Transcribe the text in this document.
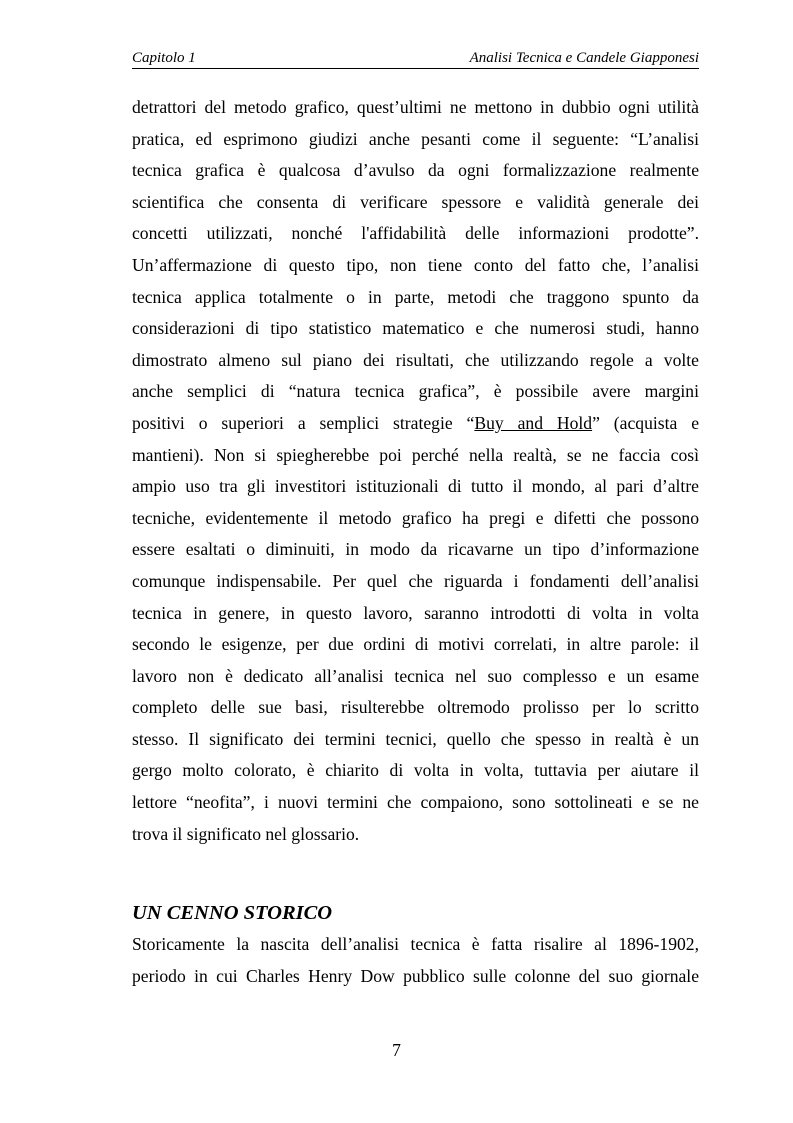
Capitolo 1	Analisi Tecnica e Candele Giapponesi
detrattori del metodo grafico, quest’ultimi ne mettono in dubbio ogni utilità
pratica, ed esprimono giudizi anche pesanti come il seguente: “L’analisi
tecnica grafica è qualcosa d’avulso da ogni formalizzazione realmente
scientifica che consenta di verificare spessore e validità generale dei
concetti utilizzati, nonché l'affidabilità delle informazioni prodotte”.
Un’affermazione di questo tipo, non tiene conto del fatto che, l’analisi
tecnica applica totalmente o in parte, metodi che traggono spunto da
considerazioni di tipo statistico matematico e che numerosi studi, hanno
dimostrato almeno sul piano dei risultati, che utilizzando regole a volte
anche semplici di “natura tecnica grafica”, è possibile avere margini
positivi o superiori a semplici strategie “Buy and Hold” (acquista e
mantieni). Non si spiegherebbe poi perché nella realtà, se ne faccia così
ampio uso tra gli investitori istituzionali di tutto il mondo, al pari d’altre
tecniche, evidentemente il metodo grafico ha pregi e difetti che possono
essere esaltati o diminuiti, in modo da ricavarne un tipo d’informazione
comunque indispensabile. Per quel che riguarda i fondamenti dell’analisi
tecnica in genere, in questo lavoro, saranno introdotti di volta in volta
secondo le esigenze, per due ordini di motivi correlati, in altre parole: il
lavoro non è dedicato all’analisi tecnica nel suo complesso e un esame
completo delle sue basi, risulterebbe oltremodo prolisso per lo scritto
stesso. Il significato dei termini tecnici, quello che spesso in realtà è un
gergo molto colorato, è chiarito di volta in volta, tuttavia per aiutare il
lettore “neofita”, i nuovi termini che compaiono, sono sottolineati e se ne
trova il significato nel glossario.
UN CENNO STORICO
Storicamente la nascita dell’analisi tecnica è fatta risalire al 1896-1902,
periodo in cui Charles Henry Dow pubblico sulle colonne del suo giornale
7
